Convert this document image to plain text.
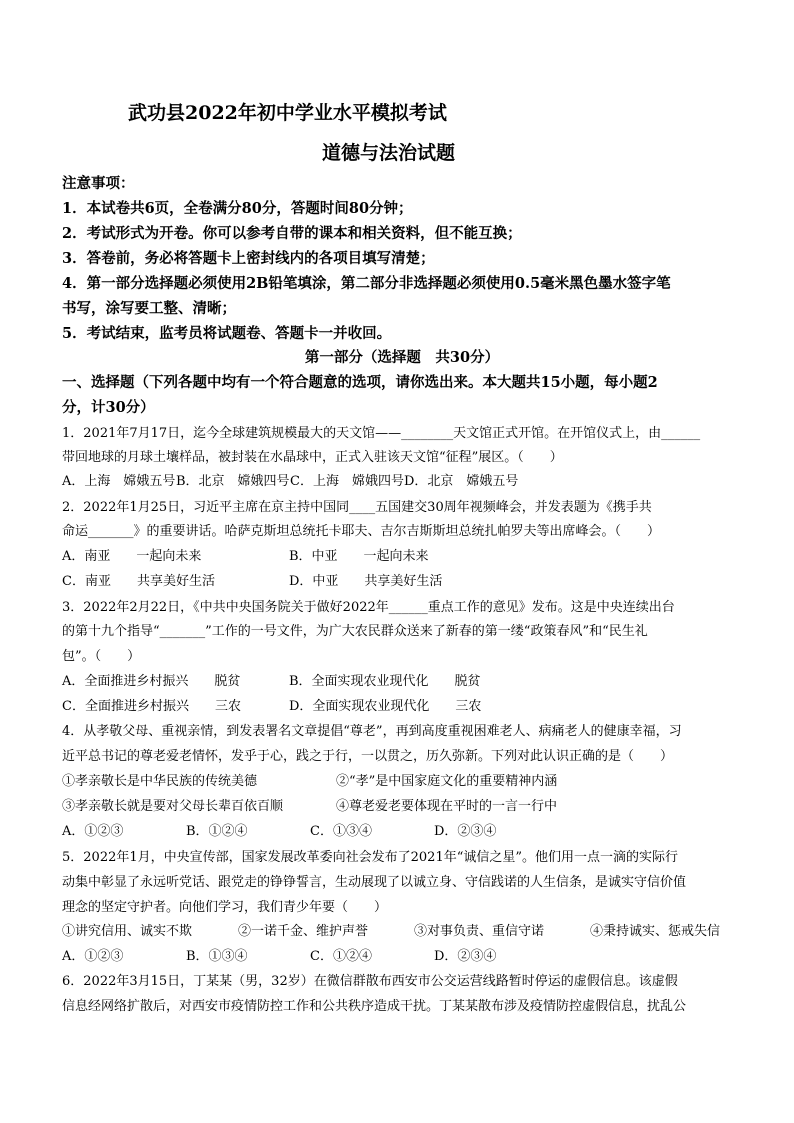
武功县2022年初中学业水平模拟考试
道德与法治试题
注意事项：
1．本试卷共6页，全卷满分80分，答题时间80分钟；
2．考试形式为开卷。你可以参考自带的课本和相关资料，但不能互换；
3．答卷前，务必将答题卡上密封线内的各项目填写清楚；
4．第一部分选择题必须使用2B铅笔填涂，第二部分非选择题必须使用0.5毫米黑色墨水签字笔
书写，涂写要工整、清晰；
5．考试结束，监考员将试题卷、答题卡一并收回。
第一部分（选择题　共30分）
一、选择题（下列各题中均有一个符合题意的选项，请你选出来。本大题共15小题，每小题2
分，计30分）
1．2021年7月17日，迄今全球建筑规模最大的天文馆——________天文馆正式开馆。在开馆仪式上，由______
带回地球的月球土壤样品，被封装在水晶球中，正式入驻该天文馆“征程”展区。（　　）
A．上海　嫦娥五号 B．北京　嫦娥四号 C．上海　嫦娥四号 D．北京　嫦娥五号
2．2022年1月25日，习近平主席在京主持中国同____五国建交30周年视频峰会，并发表题为《携手共
命运_______》的重要讲话。哈萨克斯坦总统托卡耶夫、吉尔吉斯斯坦总统扎帕罗夫等出席峰会。（　　）
A．南亚　　一起向未来	B．中亚　　一起向未来
C．南亚　　共享美好生活	D．中亚　　共享美好生活
3．2022年2月22日，《中共中央国务院关于做好2022年______重点工作的意见》发布。这是中央连续出台
的第十九个指导“_______”工作的一号文件，为广大农民群众送来了新春的第一缕“政策春风”和“民生礼
包”。（　　）
A．全面推进乡村振兴　　脱贫	B．全面实现农业现代化　　脱贫
C．全面推进乡村振兴　　三农	D．全面实现农业现代化　　三农
4．从孝敬父母、重视亲情，到发表署名文章提倡“尊老”，再到高度重视困难老人、病痛老人的健康幸福，习
近平总书记的尊老爱老情怀，发乎于心，践之于行，一以贯之，历久弥新。下列对此认识正确的是（　　）
①孝亲敬长是中华民族的传统美德	②“孝”是中国家庭文化的重要精神内涵
③孝亲敬长就是要对父母长辈百依百顺	④尊老爱老要体现在平时的一言一行中
A．①②③	B．①②④	C．①③④	D．②③④
5．2022年1月，中央宣传部，国家发展改革委向社会发布了2021年“诚信之星”。他们用一点一滴的实际行
动集中彰显了永远听党话、跟党走的铮铮誓言，生动展现了以诚立身、守信践诺的人生信条，是诚实守信价值
理念的坚定守护者。向他们学习，我们青少年要（　　）
①讲究信用、诚实不欺	②一诺千金、维护声誉	③对事负责、重信守诺	④秉持诚实、惩戒失信
A．①②③	B．①③④	C．①②④	D．②③④
6．2022年3月15日，丁某某（男，32岁）在微信群散布西安市公交运营线路暂时停运的虚假信息。该虚假
信息经网络扩散后，对西安市疫情防控工作和公共秩序造成干扰。丁某某散布涉及疫情防控虚假信息，扰乱公
